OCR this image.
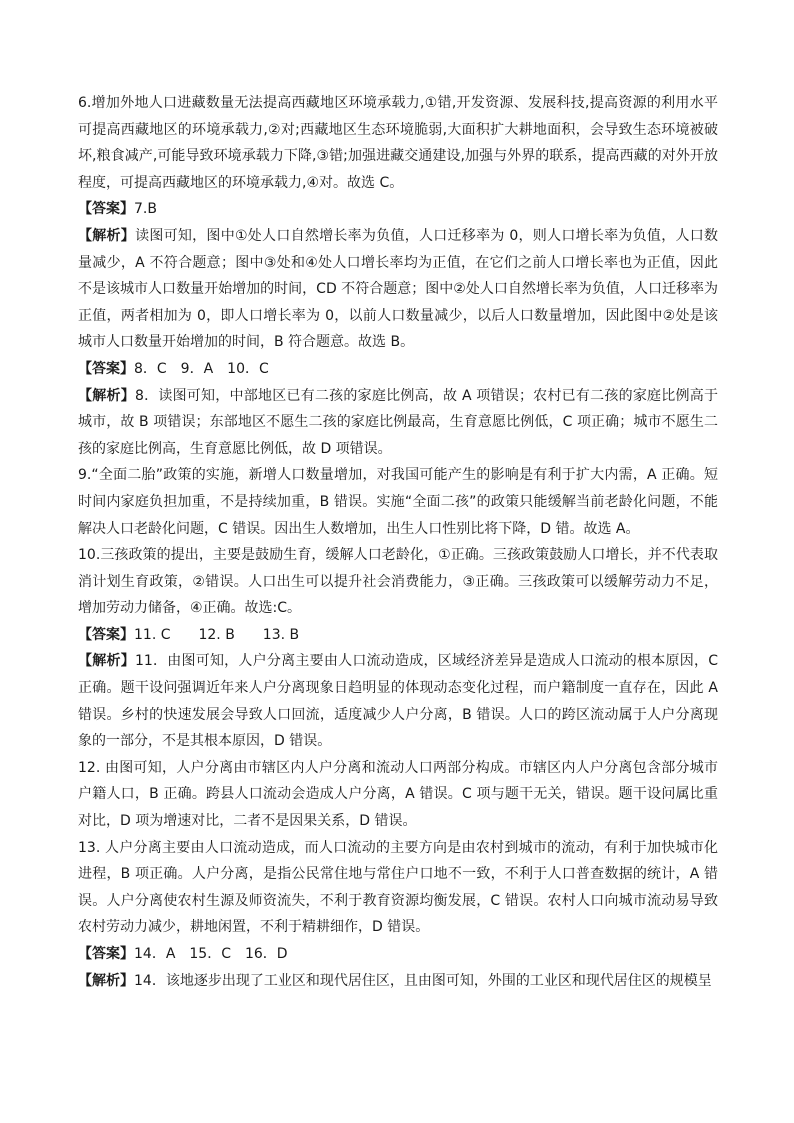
6.增加外地人口进藏数量无法提高西藏地区环境承载力,①错,开发资源、发展科技,提高资源的利用水平可提高西藏地区的环境承载力,②对;西藏地区生态环境脆弱,大面积扩大耕地面积，会导致生态环境被破坏,粮食减产,可能导致环境承载力下降,③错;加强进藏交通建设,加强与外界的联系，提高西藏的对外开放程度，可提高西藏地区的环境承载力,④对。故选 C。

【答案】7.B

【解析】读图可知，图中①处人口自然增长率为负值，人口迁移率为 0，则人口增长率为负值，人口数量减少，A 不符合题意；图中③处和④处人口增长率均为正值，在它们之前人口增长率也为正值，因此不是该城市人口数量开始增加的时间，CD 不符合题意；图中②处人口自然增长率为负值，人口迁移率为正值，两者相加为 0，即人口增长率为 0，以前人口数量减少，以后人口数量增加，因此图中②处是该城市人口数量开始增加的时间，B 符合题意。故选 B。

【答案】8．C　9．A　10．C

【解析】8．读图可知，中部地区已有二孩的家庭比例高，故 A 项错误；农村已有二孩的家庭比例高于城市，故 B 项错误；东部地区不愿生二孩的家庭比例最高，生育意愿比例低，C 项正确；城市不愿生二孩的家庭比例高，生育意愿比例低，故 D 项错误。

9.“全面二胎”政策的实施，新增人口数量增加，对我国可能产生的影响是有利于扩大内需，A 正确。短时间内家庭负担加重，不是持续加重，B 错误。实施“全面二孩”的政策只能缓解当前老龄化问题，不能解决人口老龄化问题，C 错误。因出生人数增加，出生人口性别比将下降，D 错。故选 A。

10.三孩政策的提出，主要是鼓励生育，缓解人口老龄化，①正确。三孩政策鼓励人口增长，并不代表取消计划生育政策，②错误。人口出生可以提升社会消费能力，③正确。三孩政策可以缓解劳动力不足，增加劳动力储备，④正确。故选:C。

【答案】11. C　　12. B　　13. B

【解析】11．由图可知，人户分离主要由人口流动造成，区域经济差异是造成人口流动的根本原因，C 正确。题干设问强调近年来人户分离现象日趋明显的体现动态变化过程，而户籍制度一直存在，因此 A 错误。乡村的快速发展会导致人口回流，适度减少人户分离，B 错误。人口的跨区流动属于人户分离现象的一部分，不是其根本原因，D 错误。

12. 由图可知，人户分离由市辖区内人户分离和流动人口两部分构成。市辖区内人户分离包含部分城市户籍人口，B 正确。跨县人口流动会造成人户分离，A 错误。C 项与题干无关，错误。题干设问属比重对比，D 项为增速对比，二者不是因果关系，D 错误。

13. 人户分离主要由人口流动造成，而人口流动的主要方向是由农村到城市的流动，有利于加快城市化进程，B 项正确。人户分离，是指公民常住地与常住户口地不一致，不利于人口普查数据的统计，A 错误。人户分离使农村生源及师资流失，不利于教育资源均衡发展，C 错误。农村人口向城市流动易导致农村劳动力减少，耕地闲置，不利于精耕细作，D 错误。

【答案】14．A　15．C　16．D

【解析】14．该地逐步出现了工业区和现代居住区，且由图可知，外围的工业区和现代居住区的规模呈
